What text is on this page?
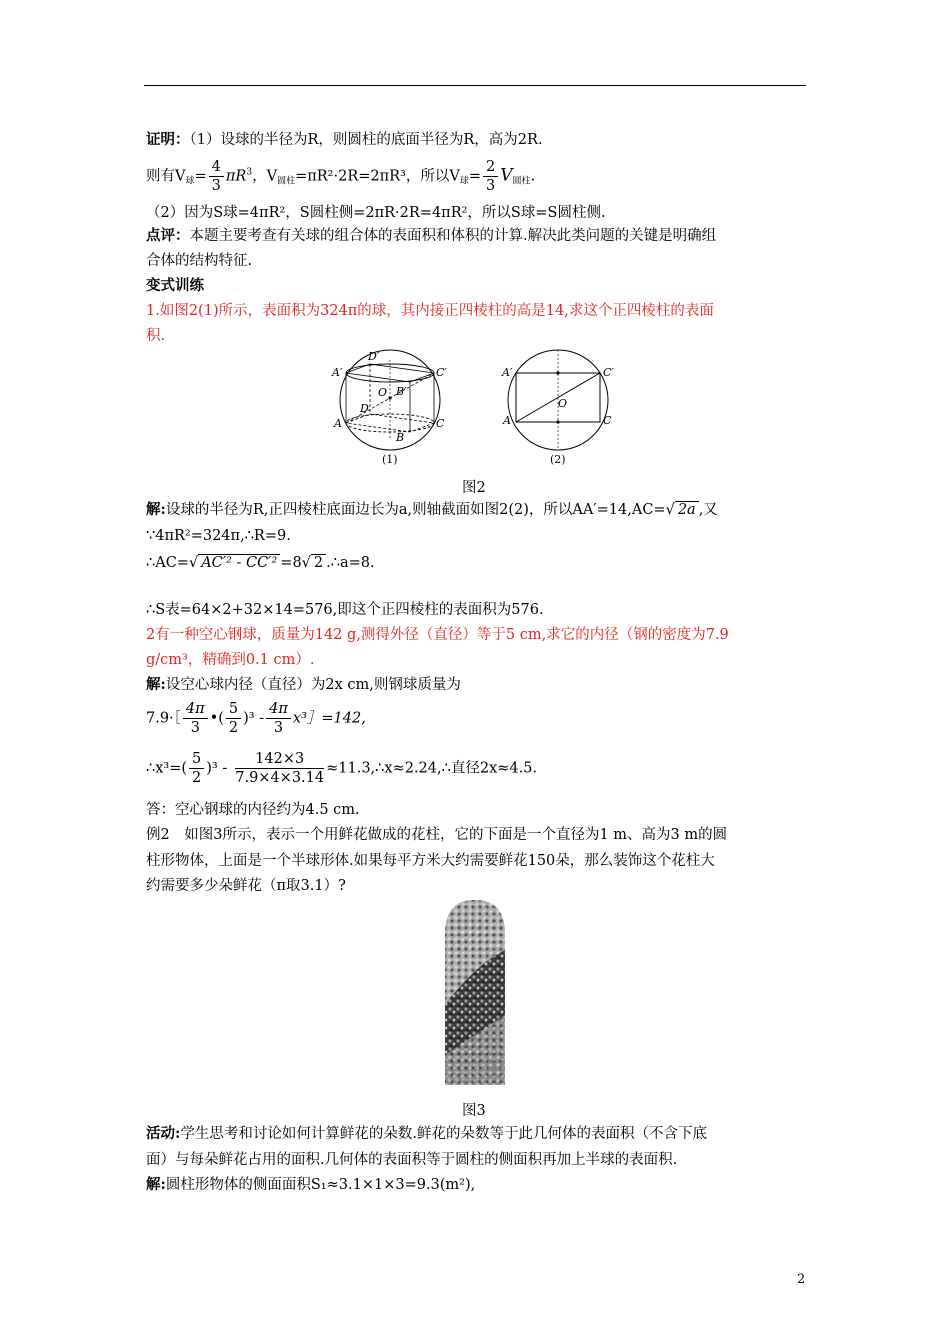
证明：（1）设球的半径为R，则圆柱的底面半径为R，高为2R.
则有$V_球= \frac{4}{3} \pi R^3$，$V_{圆柱}=\pi R^2\cdot 2R=2\pi R^3$，所以$V_球= \frac{2}{3} V_{圆柱}$.
（2）因为S球=4πR²，S圆柱侧=2πR·2R=4πR²，所以S球=S圆柱侧.
点评：本题主要考查有关球的组合体的表面积和体积的计算.解决此类问题的关键是明确组
合体的结构特征.
变式训练
1.如图2(1)所示，表面积为324π的球，其内接正四棱柱的高是14,求这个正四棱柱的表面
积.
A′
D′
C′
O B′
D
A
B
C
(1)
A′	C′
O
A	C
(2)
图2
解:设球的半径为R,正四棱柱底面边长为a,则轴截面如图2(2)，所以AA′=14,AC=√ 2a ,又
∵4πR²=324π,∴R=9.
∴AC=√ AC′² - CC′² =8√ 2 .∴a=8.
∴S表=64×2+32×14=576,即这个正四棱柱的表面积为576.
2有一种空心钢球，质量为142 g,测得外径（直径）等于5 cm,求它的内径（钢的密度为7.9
g/cm³，精确到0.1 cm）.
解:设空心球内径（直径）为2x cm,则钢球质量为
7.9·［ $\frac{4\pi}{3}$ •( $\frac{5}{2} )^3 - \frac{4\pi}{3}$ x³］=142,
∴x³=( $\frac{5}{2} )^3 - \frac{142\times 3}{7.9\times 4\times 3.14}$ ≈11.3,∴x≈2.24,∴直径2x≈4.5.
答：空心钢球的内径约为4.5 cm.
例2　如图3所示，表示一个用鲜花做成的花柱，它的下面是一个直径为1 m、高为3 m的圆
柱形物体，上面是一个半球形体.如果每平方米大约需要鲜花150朵，那么装饰这个花柱大
约需要多少朵鲜花（π取3.1）?
图3
活动:学生思考和讨论如何计算鲜花的朵数.鲜花的朵数等于此几何体的表面积（不含下底
面）与每朵鲜花占用的面积.几何体的表面积等于圆柱的侧面积再加上半球的表面积.
解:圆柱形物体的侧面面积S₁≈3.1×1×3=9.3(m²),
2
